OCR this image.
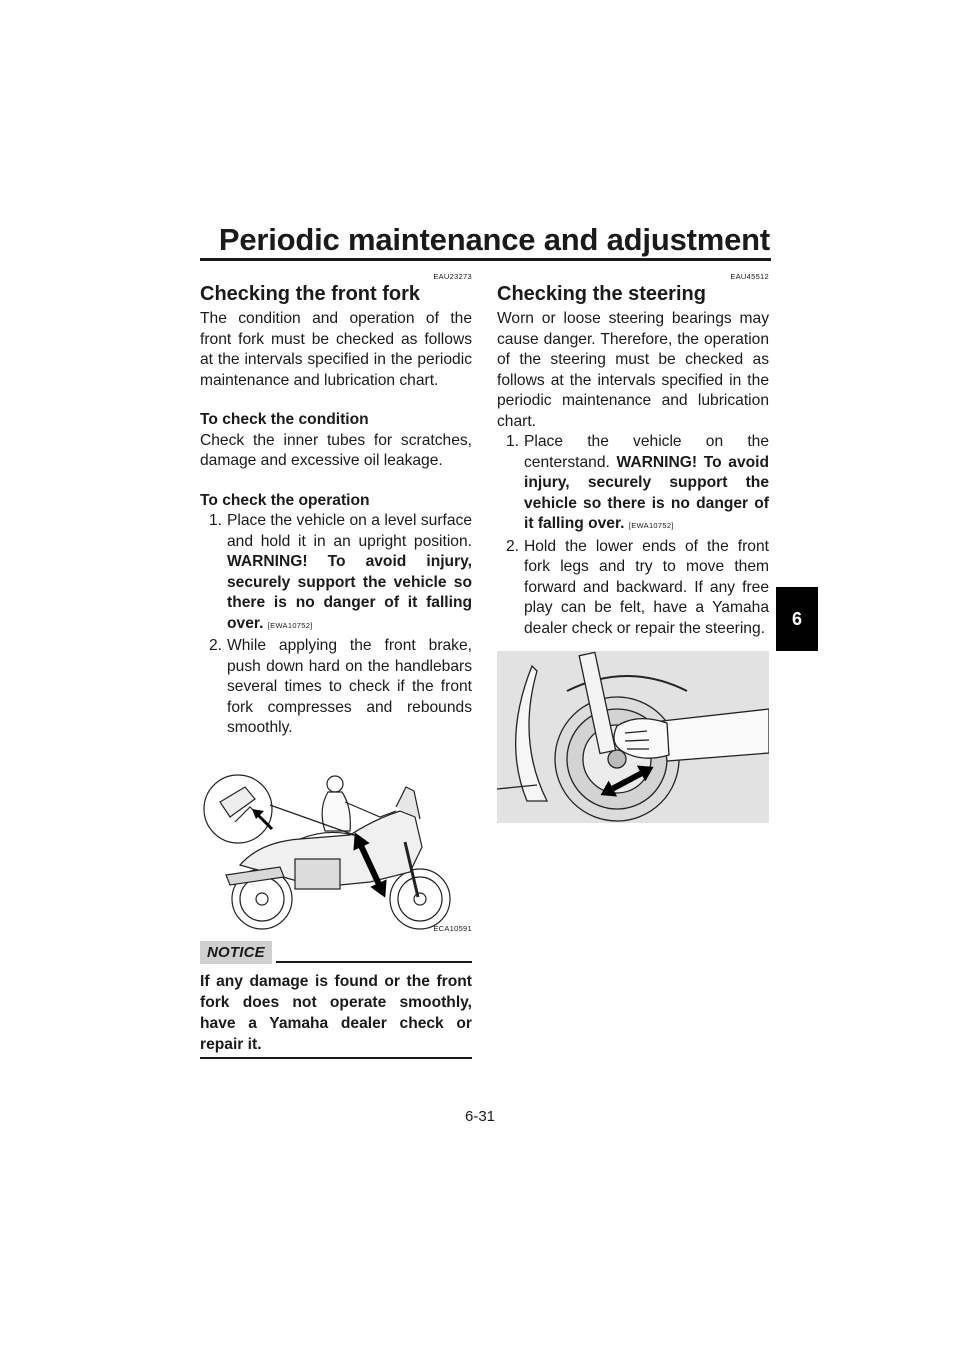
Periodic maintenance and adjustment
6
EAU23273
Checking the front fork

The condition and operation of the front fork must be checked as follows at the intervals specified in the periodic maintenance and lubrication chart.

To check the condition

Check the inner tubes for scratches, damage and excessive oil leakage.

To check the operation
1. Place the vehicle on a level surface and hold it in an upright position. WARNING! To avoid injury, securely support the vehicle so there is no danger of it falling over. [EWA10752]
2. While applying the front brake, push down hard on the handlebars several times to check if the front fork compresses and rebounds smoothly.
ECA10591
NOTICE
If any damage is found or the front fork does not operate smoothly, have a Yamaha dealer check or repair it.
EAU45512
Checking the steering

Worn or loose steering bearings may cause danger. Therefore, the operation of the steering must be checked as follows at the intervals specified in the periodic maintenance and lubrication chart.

1. Place the vehicle on the centerstand. WARNING! To avoid injury, securely support the vehicle so there is no danger of it falling over. [EWA10752]
2. Hold the lower ends of the front fork legs and try to move them forward and backward. If any free play can be felt, have a Yamaha dealer check or repair the steering.
6-31
